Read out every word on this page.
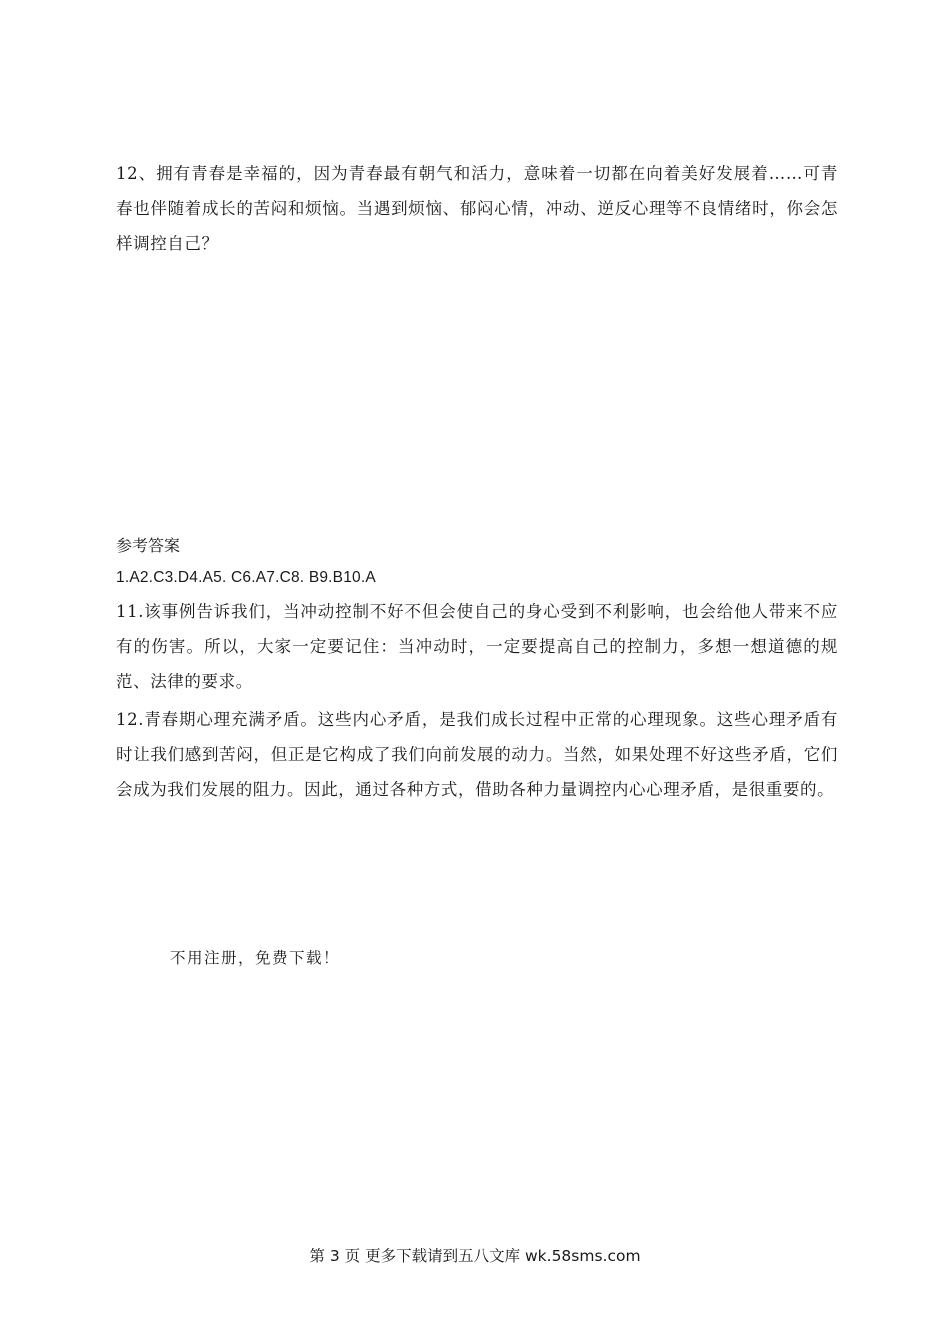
12、拥有青春是幸福的，因为青春最有朝气和活力，意味着一切都在向着美好发展着……可青春也伴随着成长的苦闷和烦恼。当遇到烦恼、郁闷心情，冲动、逆反心理等不良情绪时，你会怎样调控自己？

参考答案

1.A2.C3.D4.A5. C6.A7.C8. B9.B10.A

11.该事例告诉我们，当冲动控制不好不但会使自己的身心受到不利影响，也会给他人带来不应有的伤害。所以，大家一定要记住：当冲动时，一定要提高自己的控制力，多想一想道德的规范、法律的要求。

12.青春期心理充满矛盾。这些内心矛盾，是我们成长过程中正常的心理现象。这些心理矛盾有时让我们感到苦闷，但正是它构成了我们向前发展的动力。当然，如果处理不好这些矛盾，它们会成为我们发展的阻力。因此，通过各种方式，借助各种力量调控内心心理矛盾，是很重要的。

不用注册，免费下载！

第 3 页 更多下载请到五八文库 wk.58sms.com
